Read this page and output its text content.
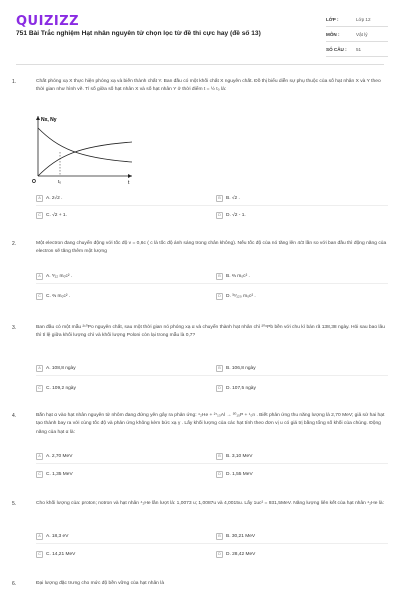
QUIZIZZ
751 Bài Trắc nghiệm Hạt nhân nguyên tử chọn lọc từ đề thi cực hay (đề số 13)
LỚP :	Lớp 12
MÔN :	Vật lý
SỐ CÂU :	51
1.	Chất phóng xạ X thực hiện phóng xạ và biến thành chất Y. Ban đầu có một khối chất X nguyên chất. Đồ thị biểu diễn sự phụ thuộc của số hạt nhân X và Y theo thời gian như hình vẽ. Tỉ số giữa số hạt nhân X và số hạt nhân Y ở thời điểm t = ½ t₀ là:
Nx, Ny
t
O	t₀
A	A. 2√2 .	B	B. √2 .
C	C. √2 + 1.	D	D. √2 - 1.
2.	Một electron đang chuyển động với tốc độ v = 0,6c ( c là tốc độ ánh sáng trong chân không). Nếu tốc độ của nó tăng lên 4/3 lần so với ban đầu thì động năng của electron sẽ tăng thêm một lượng
A	A. ⁵⁄₁₂ m₀c² .	B	B. ⅔ m₀c² .
C	C. ⅔ m₀c² .	D	D. ³⁷⁄₁₂₀ m₀c² .
3.	Ban đầu có một mẫu ²¹⁰Po nguyên chất, sau một thời gian nó phóng xạ α và chuyển thành hạt nhân chì ²⁰⁶Pb bền với chu kì bán rã 138,38 ngày. Hỏi sau bao lâu thì tỉ lệ giữa khối lượng chì và khối lượng Poloni còn lại trong mẫu là 0,7?
A	A. 108,8 ngày	B	B. 106,8 ngày
C	C. 109,2 ngày	D	D. 107,5 ngày
4.	Bắn hạt α vào hạt nhân nguyên tử nhôm đang đứng yên gây ra phản ứng: ⁴₂He + ²⁷₁₃Al → ³⁰₁₅P + ¹₀n . Biết phản ứng thu năng lượng là 2,70 MeV; giả sử hai hạt tạo thành bay ra với cùng tốc độ và phản ứng không kèm bức xạ γ . Lấy khối lượng của các hạt tính theo đơn vị u có giá trị bằng tổng số khối của chúng. Động năng của hạt α là:
A	A. 2,70 MeV	B	B. 3,10 MeV
C	C. 1,35 MeV	D	D. 1,55 MeV
5.	Cho khối lượng của: proton; notron và hạt nhân ⁴₂He lần lượt là: 1,0073 u; 1,0087u và 4,0015u. Lấy 1uc² = 931,5MeV. Năng lượng liên kết của hạt nhân ⁴₂He là:
A	A. 18,3 eV	B	B. 30,21 MeV
C	C. 14,21 MeV	D	D. 28,42 MeV
6.	Đại lượng đặc trưng cho mức độ bền vững của hạt nhân là
